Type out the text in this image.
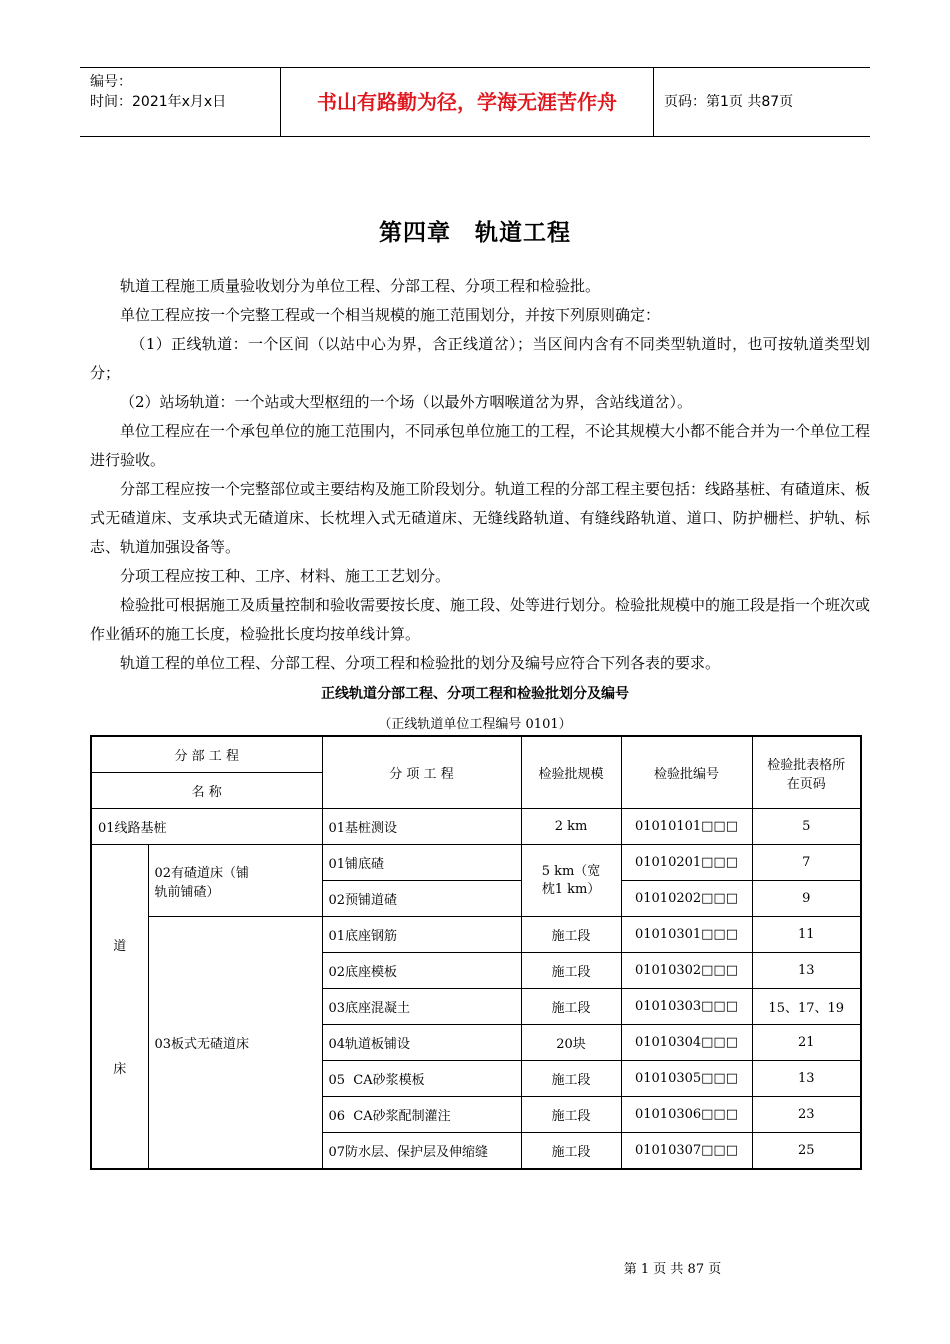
编号：
时间：2021年x月x日	书山有路勤为径，学海无涯苦作舟	页码：第1页 共87页
第四章　轨道工程

轨道工程施工质量验收划分为单位工程、分部工程、分项工程和检验批。

单位工程应按一个完整工程或一个相当规模的施工范围划分，并按下列原则确定：

（1）正线轨道：一个区间（以站中心为界，含正线道岔）；当区间内含有不同类型轨道时，也可按轨道类型划分；

（2）站场轨道：一个站或大型枢纽的一个场（以最外方咽喉道岔为界，含站线道岔）。

单位工程应在一个承包单位的施工范围内，不同承包单位施工的工程，不论其规模大小都不能合并为一个单位工程进行验收。

分部工程应按一个完整部位或主要结构及施工阶段划分。轨道工程的分部工程主要包括：线路基桩、有碴道床、板式无碴道床、支承块式无碴道床、长枕埋入式无碴道床、无缝线路轨道、有缝线路轨道、道口、防护栅栏、护轨、标志、轨道加强设备等。

分项工程应按工种、工序、材料、施工工艺划分。

检验批可根据施工及质量控制和验收需要按长度、施工段、处等进行划分。检验批规模中的施工段是指一个班次或作业循环的施工长度，检验批长度均按单线计算。

轨道工程的单位工程、分部工程、分项工程和检验批的划分及编号应符合下列各表的要求。

正线轨道分部工程、分项工程和检验批划分及编号
（正线轨道单位工程编号 0101）
分 部 工 程		分 项 工 程	检验批规模	检验批编号	检验批表格所在页码
名 称					
01线路基桩		01基桩测设	2 km	01010101□□□	5

道
床	02有碴道床（铺轨前铺碴）	01铺底碴	5 km（宽枕1 km）	01010201□□□	7
		02预铺道碴		01010202□□□	9
	03板式无碴道床	01底座钢筋	施工段	01010301□□□	11
		02底座模板	施工段	01010302□□□	13
		03底座混凝土	施工段	01010303□□□	15、17、19
		04轨道板铺设	20块	01010304□□□	21
		05  CA砂浆模板	施工段	01010305□□□	13
		06  CA砂浆配制灌注	施工段	01010306□□□	23
		07防水层、保护层及伸缩缝	施工段	01010307□□□	25
第 1 页 共 87 页
